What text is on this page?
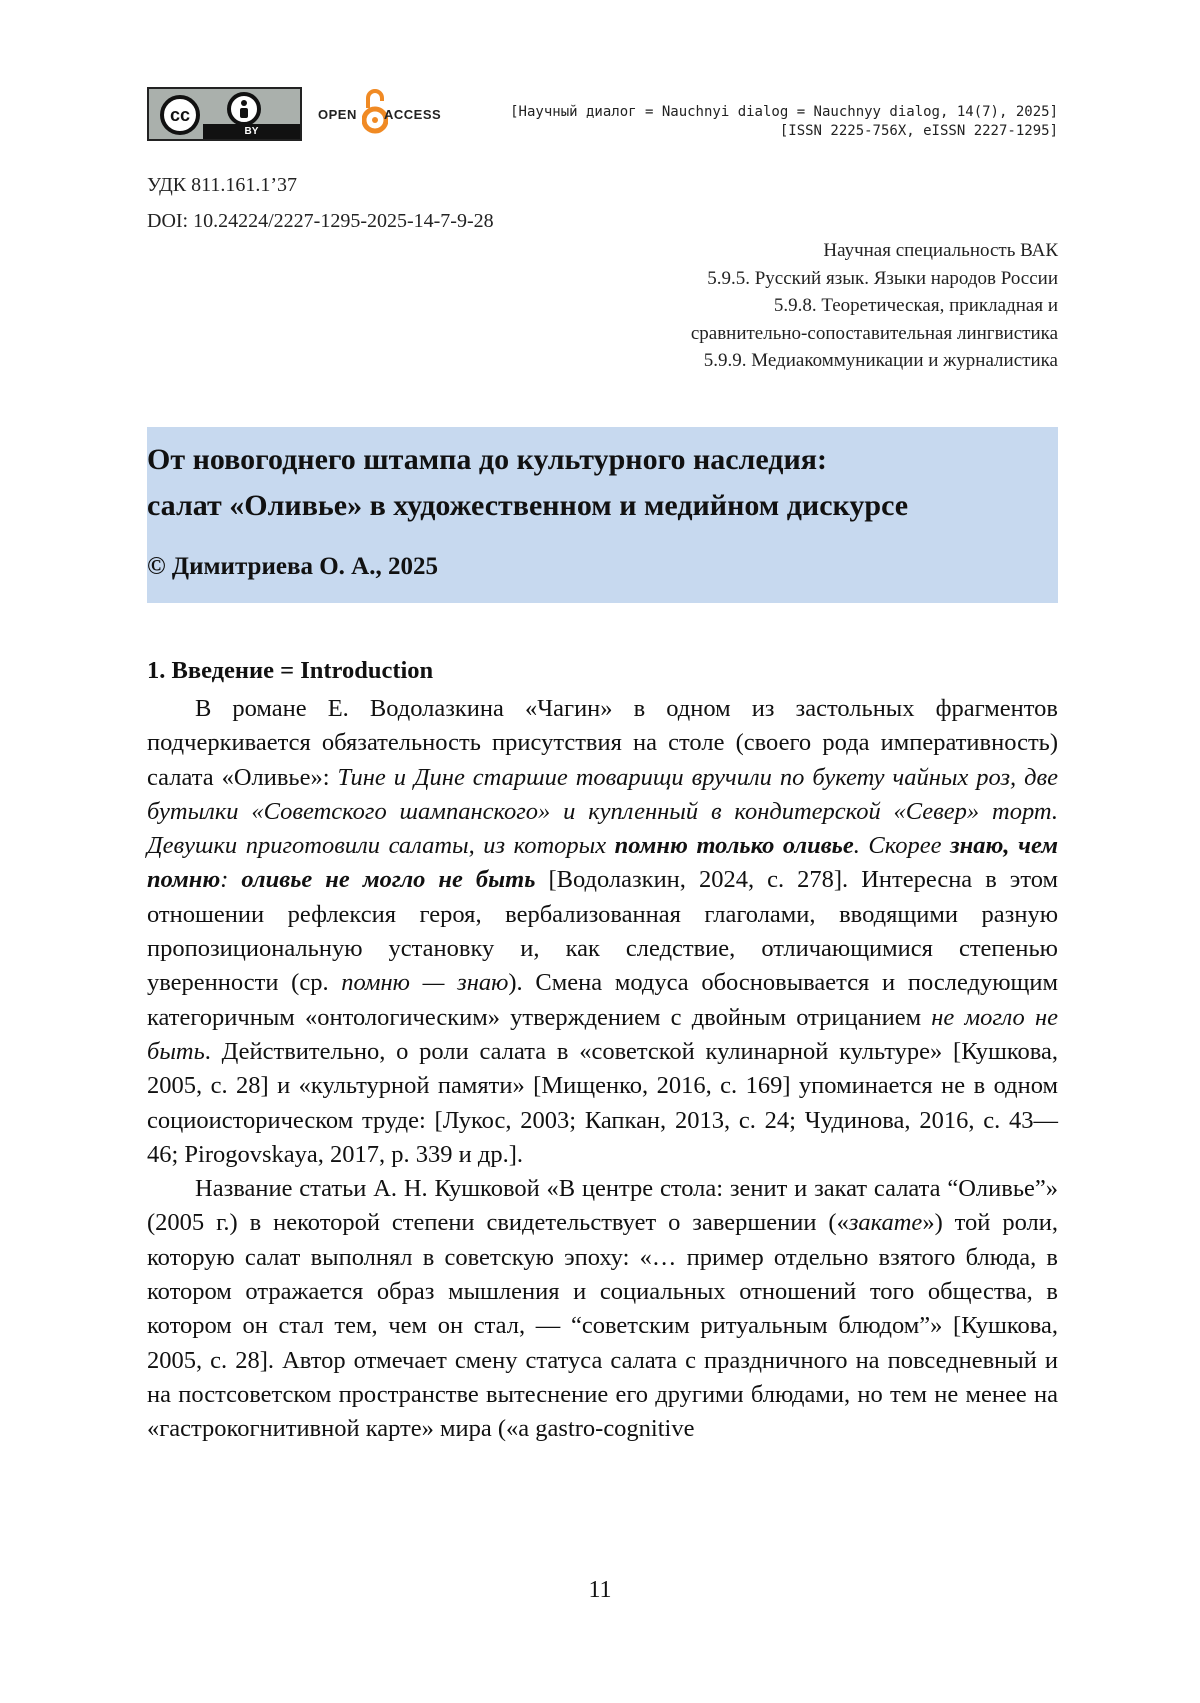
cc
BY
OPEN ACCESS	[Научный диалог = Nauchnyi dialog = Nauchnyy dialog, 14(7), 2025]
[ISSN 2225-756X, eISSN 2227-1295]
УДК 811.161.1’37
DOI: 10.24224/2227-1295-2025-14-7-9-28
Научная специальность ВАК
5.9.5. Русский язык. Языки народов России
5.9.8. Теоретическая, прикладная и
сравнительно-сопоставительная лингвистика
5.9.9. Медиакоммуникации и журналистика
От новогоднего штампа до культурного наследия:
салат «Оливье» в художественном и медийном дискурсе
© Димитриева О. А., 2025
1. Введение = Introduction

В романе Е. Водолазкина «Чагин» в одном из застольных фрагментов подчеркивается обязательность присутствия на столе (своего рода императивность) салата «Оливье»: Тине и Дине старшие товарищи вручили по букету чайных роз, две бутылки «Советского шампанского» и купленный в кондитерской «Север» торт. Девушки приготовили салаты, из которых помню только оливье. Скорее знаю, чем помню: оливье не могло не быть [Водолазкин, 2024, с. 278]. Интересна в этом отношении рефлексия героя, вербализованная глаголами, вводящими разную пропозициональную установку и, как следствие, отличающимися степенью уверенности (ср. помню — знаю). Смена модуса обосновывается и последующим категоричным «онтологическим» утверждением с двойным отрицанием не могло не быть. Действительно, о роли салата в «советской кулинарной культуре» [Кушкова, 2005, с. 28] и «культурной памяти» [Мищенко, 2016, с. 169] упоминается не в одном социоисторическом труде: [Лукос, 2003; Капкан, 2013, с. 24; Чудинова, 2016, с. 43—46; Pirogovskaya, 2017, p. 339 и др.].

Название статьи А. Н. Кушковой «В центре стола: зенит и закат салата “Оливье”» (2005 г.) в некоторой степени свидетельствует о завершении («закате») той роли, которую салат выполнял в советскую эпоху: «… пример отдельно взятого блюда, в котором отражается образ мышления и социальных отношений того общества, в котором он стал тем, чем он стал, — “советским ритуальным блюдом”» [Кушкова, 2005, с. 28]. Автор отмечает смену статуса салата с праздничного на повседневный и на постсоветском пространстве вытеснение его другими блюдами, но тем не менее на «гастрокогнитивной карте» мира («a gastro-cognitive

11
